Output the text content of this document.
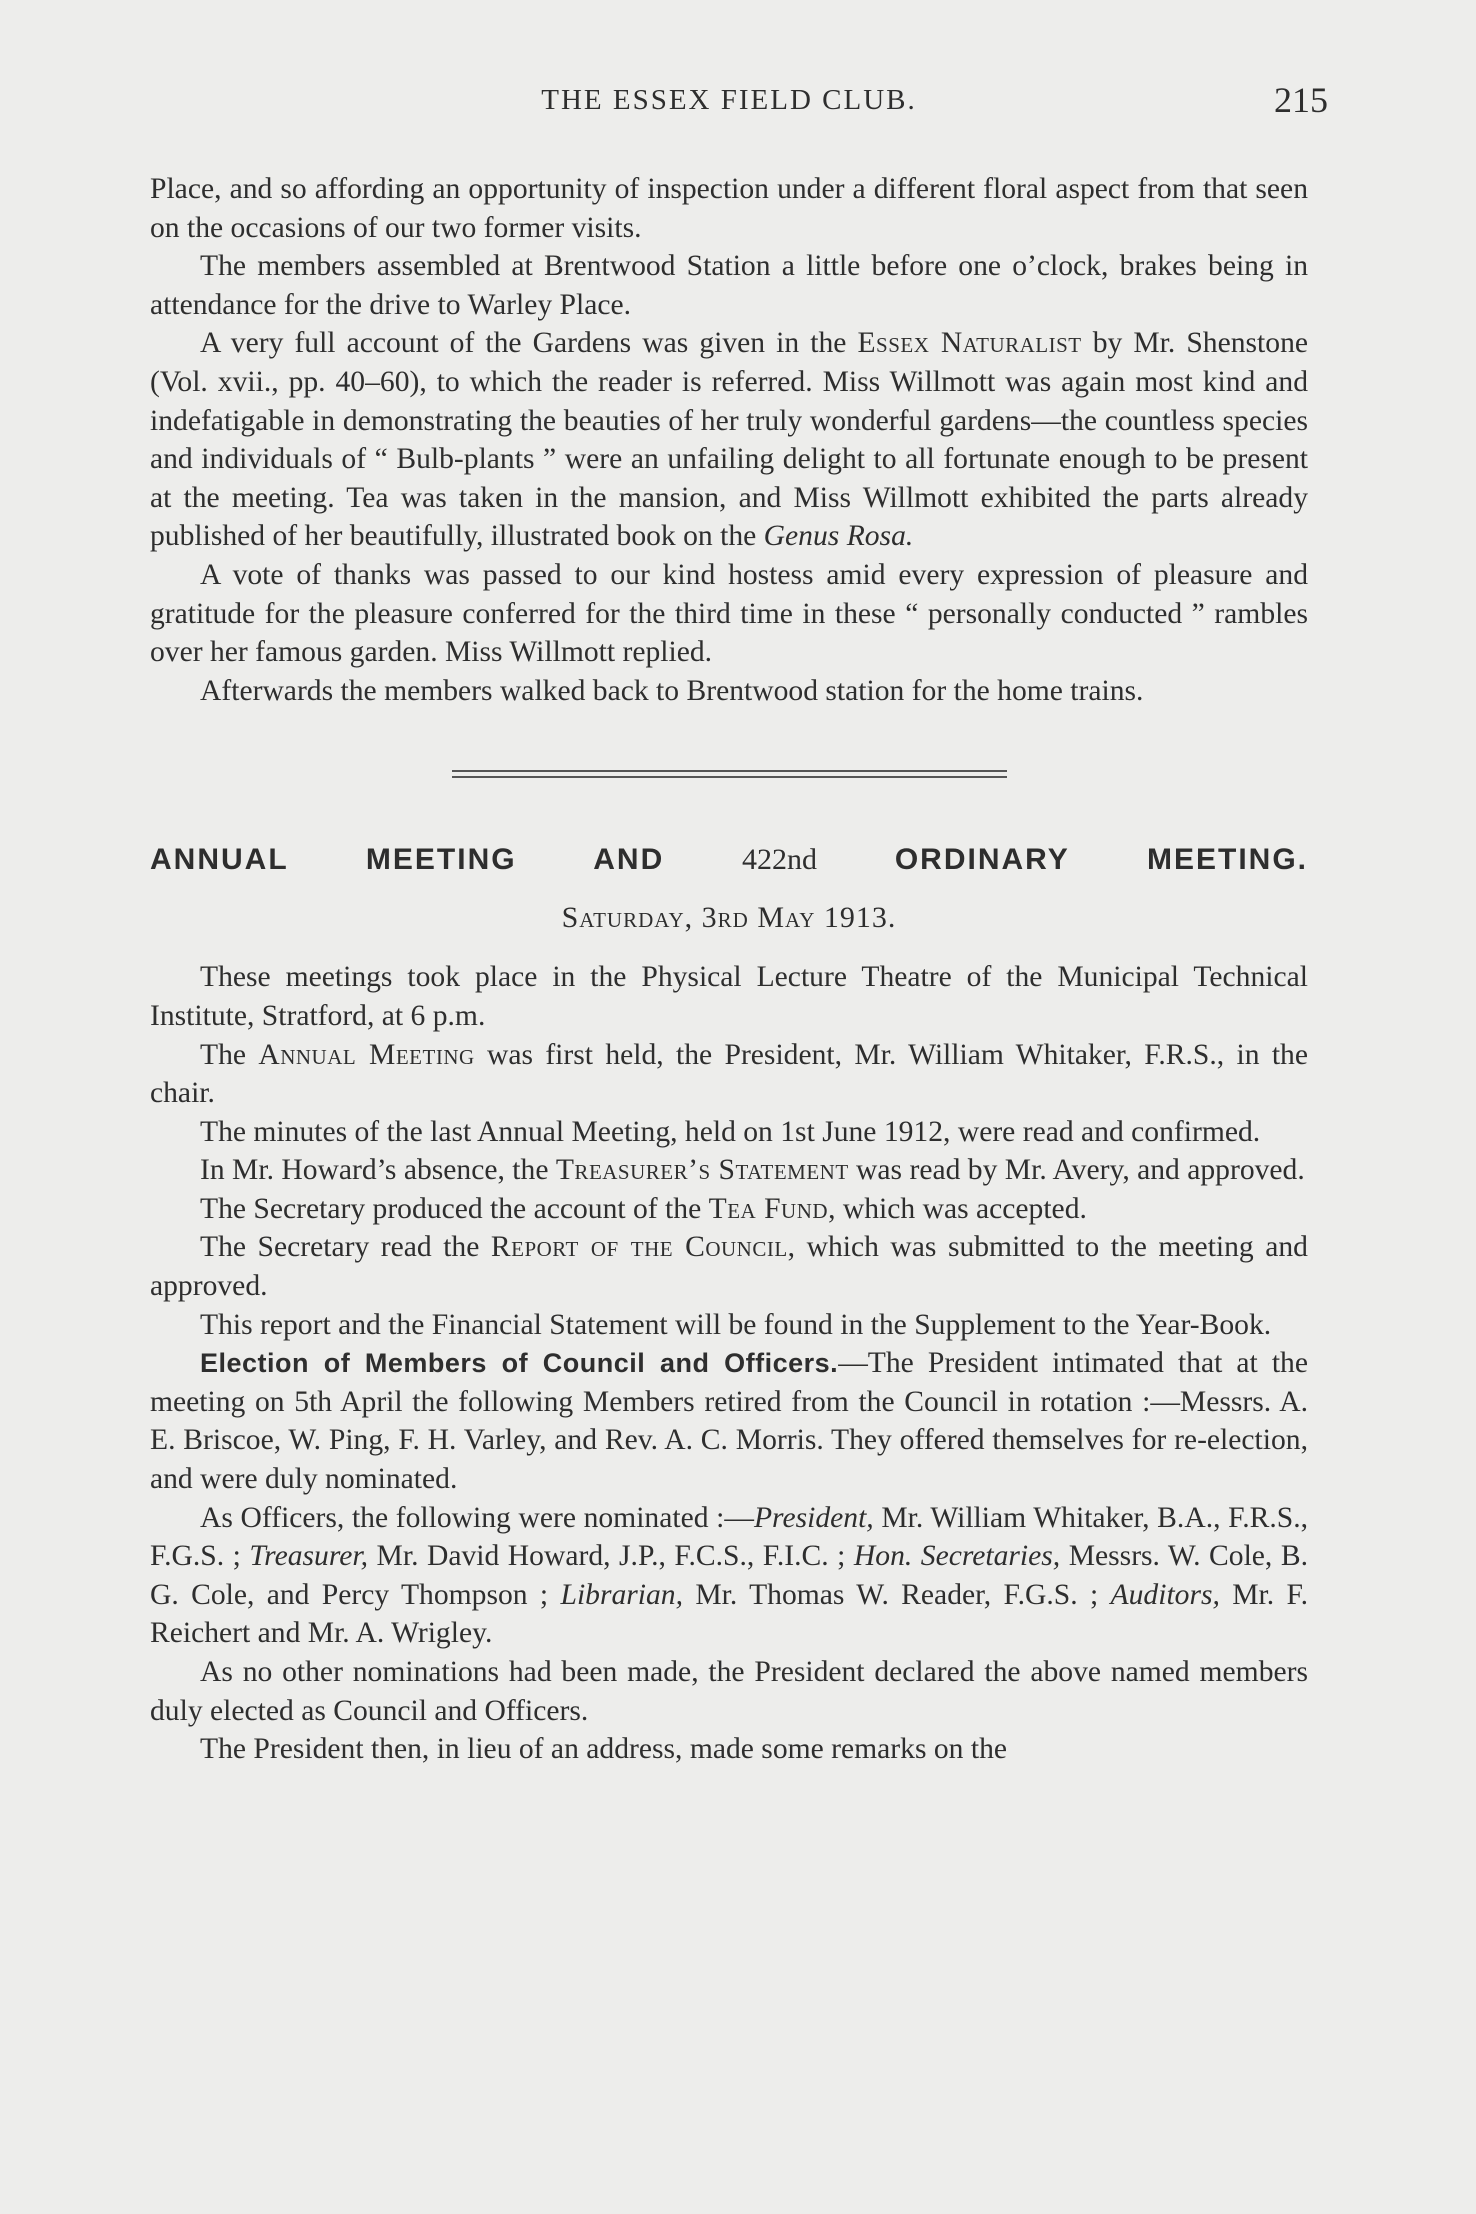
THE ESSEX FIELD CLUB.	215

Place, and so affording an opportunity of inspection under a different floral aspect from that seen on the occasions of our two former visits.

The members assembled at Brentwood Station a little before one o’clock, brakes being in attendance for the drive to Warley Place.

A very full account of the Gardens was given in the Essex Naturalist by Mr. Shenstone (Vol. xvii., pp. 40–60), to which the reader is referred. Miss Willmott was again most kind and indefatigable in demonstrating the beauties of her truly wonderful gardens—the countless species and individuals of “ Bulb-plants ” were an unfailing delight to all fortunate enough to be present at the meeting. Tea was taken in the mansion, and Miss Willmott exhibited the parts already published of her beautifully, illustrated book on the Genus Rosa.

A vote of thanks was passed to our kind hostess amid every expression of pleasure and gratitude for the pleasure conferred for the third time in these “ personally conducted ” rambles over her famous garden. Miss Willmott replied.

Afterwards the members walked back to Brentwood station for the home trains.

ANNUAL MEETING AND 422nd ORDINARY MEETING.
Saturday, 3rd May 1913.

These meetings took place in the Physical Lecture Theatre of the Municipal Technical Institute, Stratford, at 6 p.m.

The Annual Meeting was first held, the President, Mr. William Whitaker, F.R.S., in the chair.

The minutes of the last Annual Meeting, held on 1st June 1912, were read and confirmed.

In Mr. Howard’s absence, the Treasurer’s Statement was read by Mr. Avery, and approved.

The Secretary produced the account of the Tea Fund, which was accepted.

The Secretary read the Report of the Council, which was submitted to the meeting and approved.

This report and the Financial Statement will be found in the Supplement to the Year-Book.

Election of Members of Council and Officers.—The President intimated that at the meeting on 5th April the following Members retired from the Council in rotation :—Messrs. A. E. Briscoe, W. Ping, F. H. Varley, and Rev. A. C. Morris. They offered themselves for re-election, and were duly nominated.

As Officers, the following were nominated :—President, Mr. William Whitaker, B.A., F.R.S., F.G.S. ; Treasurer, Mr. David Howard, J.P., F.C.S., F.I.C. ; Hon. Secretaries, Messrs. W. Cole, B. G. Cole, and Percy Thompson ; Librarian, Mr. Thomas W. Reader, F.G.S. ; Auditors, Mr. F. Reichert and Mr. A. Wrigley.

As no other nominations had been made, the President declared the above named members duly elected as Council and Officers.

The President then, in lieu of an address, made some remarks on the
